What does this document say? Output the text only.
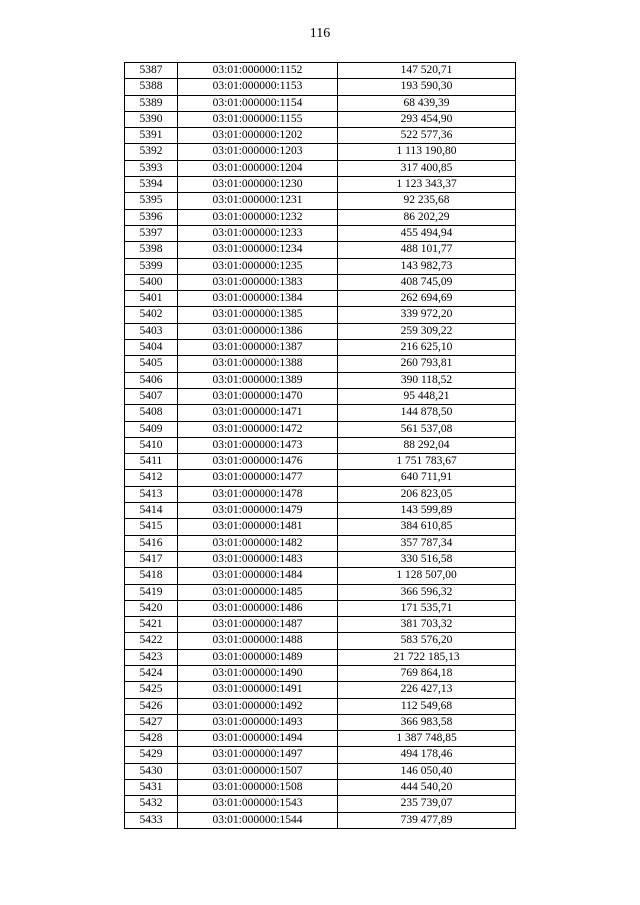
116
5387	03:01:000000:1152	147 520,71
5388	03:01:000000:1153	193 590,30
5389	03:01:000000:1154	68 439,39
5390	03:01:000000:1155	293 454,90
5391	03:01:000000:1202	522 577,36
5392	03:01:000000:1203	1 113 190,80
5393	03:01:000000:1204	317 400,85
5394	03:01:000000:1230	1 123 343,37
5395	03:01:000000:1231	92 235,68
5396	03:01:000000:1232	86 202,29
5397	03:01:000000:1233	455 494,94
5398	03:01:000000:1234	488 101,77
5399	03:01:000000:1235	143 982,73
5400	03:01:000000:1383	408 745,09
5401	03:01:000000:1384	262 694,69
5402	03:01:000000:1385	339 972,20
5403	03:01:000000:1386	259 309,22
5404	03:01:000000:1387	216 625,10
5405	03:01:000000:1388	260 793,81
5406	03:01:000000:1389	390 118,52
5407	03:01:000000:1470	95 448,21
5408	03:01:000000:1471	144 878,50
5409	03:01:000000:1472	561 537,08
5410	03:01:000000:1473	88 292,04
5411	03:01:000000:1476	1 751 783,67
5412	03:01:000000:1477	640 711,91
5413	03:01:000000:1478	206 823,05
5414	03:01:000000:1479	143 599,89
5415	03:01:000000:1481	384 610,85
5416	03:01:000000:1482	357 787,34
5417	03:01:000000:1483	330 516,58
5418	03:01:000000:1484	1 128 507,00
5419	03:01:000000:1485	366 596,32
5420	03:01:000000:1486	171 535,71
5421	03:01:000000:1487	381 703,32
5422	03:01:000000:1488	583 576,20
5423	03:01:000000:1489	21 722 185,13
5424	03:01:000000:1490	769 864,18
5425	03:01:000000:1491	226 427,13
5426	03:01:000000:1492	112 549,68
5427	03:01:000000:1493	366 983,58
5428	03:01:000000:1494	1 387 748,85
5429	03:01:000000:1497	494 178,46
5430	03:01:000000:1507	146 050,40
5431	03:01:000000:1508	444 540,20
5432	03:01:000000:1543	235 739,07
5433	03:01:000000:1544	739 477,89
